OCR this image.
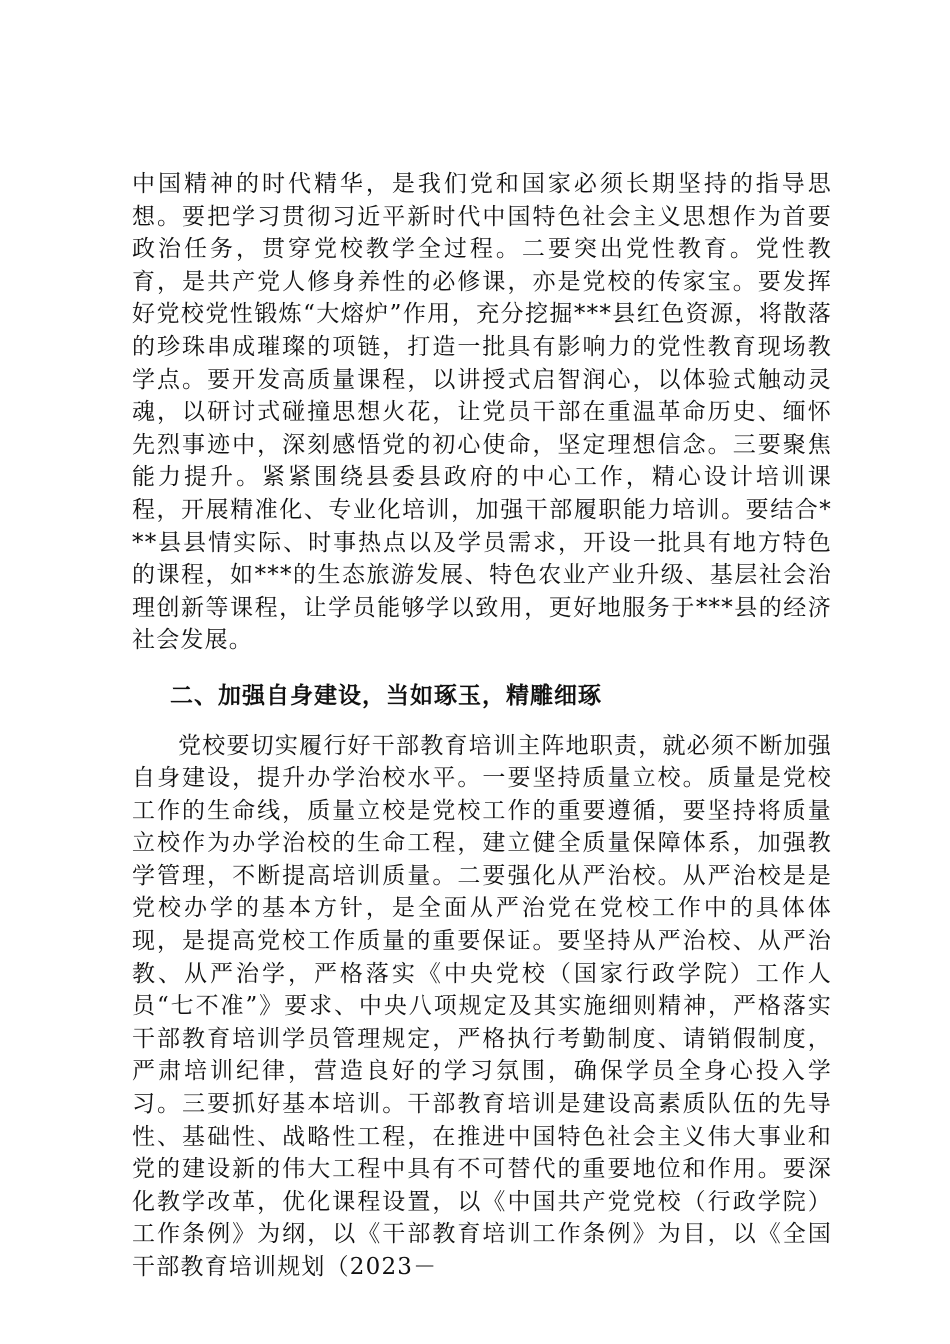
中国精神的时代精华，是我们党和国家必须长期坚持的指导思想。要把学习贯彻习近平新时代中国特色社会主义思想作为首要政治任务，贯穿党校教学全过程。二要突出党性教育。党性教育，是共产党人修身养性的必修课，亦是党校的传家宝。要发挥好党校党性锻炼“大熔炉”作用，充分挖掘***县红色资源，将散落的珍珠串成璀璨的项链，打造一批具有影响力的党性教育现场教学点。要开发高质量课程，以讲授式启智润心，以体验式触动灵魂，以研讨式碰撞思想火花，让党员干部在重温革命历史、缅怀先烈事迹中，深刻感悟党的初心使命，坚定理想信念。三要聚焦能力提升。紧紧围绕县委县政府的中心工作，精心设计培训课程，开展精准化、专业化培训，加强干部履职能力培训。要结合***县县情实际、时事热点以及学员需求，开设一批具有地方特色的课程，如***的生态旅游发展、特色农业产业升级、基层社会治理创新等课程，让学员能够学以致用，更好地服务于***县的经济社会发展。

二、加强自身建设，当如琢玉，精雕细琢

党校要切实履行好干部教育培训主阵地职责，就必须不断加强自身建设，提升办学治校水平。一要坚持质量立校。质量是党校工作的生命线，质量立校是党校工作的重要遵循，要坚持将质量立校作为办学治校的生命工程，建立健全质量保障体系，加强教学管理，不断提高培训质量。二要强化从严治校。从严治校是是党校办学的基本方针，是全面从严治党在党校工作中的具体体现，是提高党校工作质量的重要保证。要坚持从严治校、从严治教、从严治学，严格落实《中央党校（国家行政学院）工作人员“七不准”》要求、中央八项规定及其实施细则精神，严格落实干部教育培训学员管理规定，严格执行考勤制度、请销假制度，严肃培训纪律，营造良好的学习氛围，确保学员全身心投入学习。三要抓好基本培训。干部教育培训是建设高素质队伍的先导性、基础性、战略性工程，在推进中国特色社会主义伟大事业和党的建设新的伟大工程中具有不可替代的重要地位和作用。要深化教学改革，优化课程设置，以《中国共产党党校（行政学院）工作条例》为纲，以《干部教育培训工作条例》为目，以《全国干部教育培训规划（2023－
